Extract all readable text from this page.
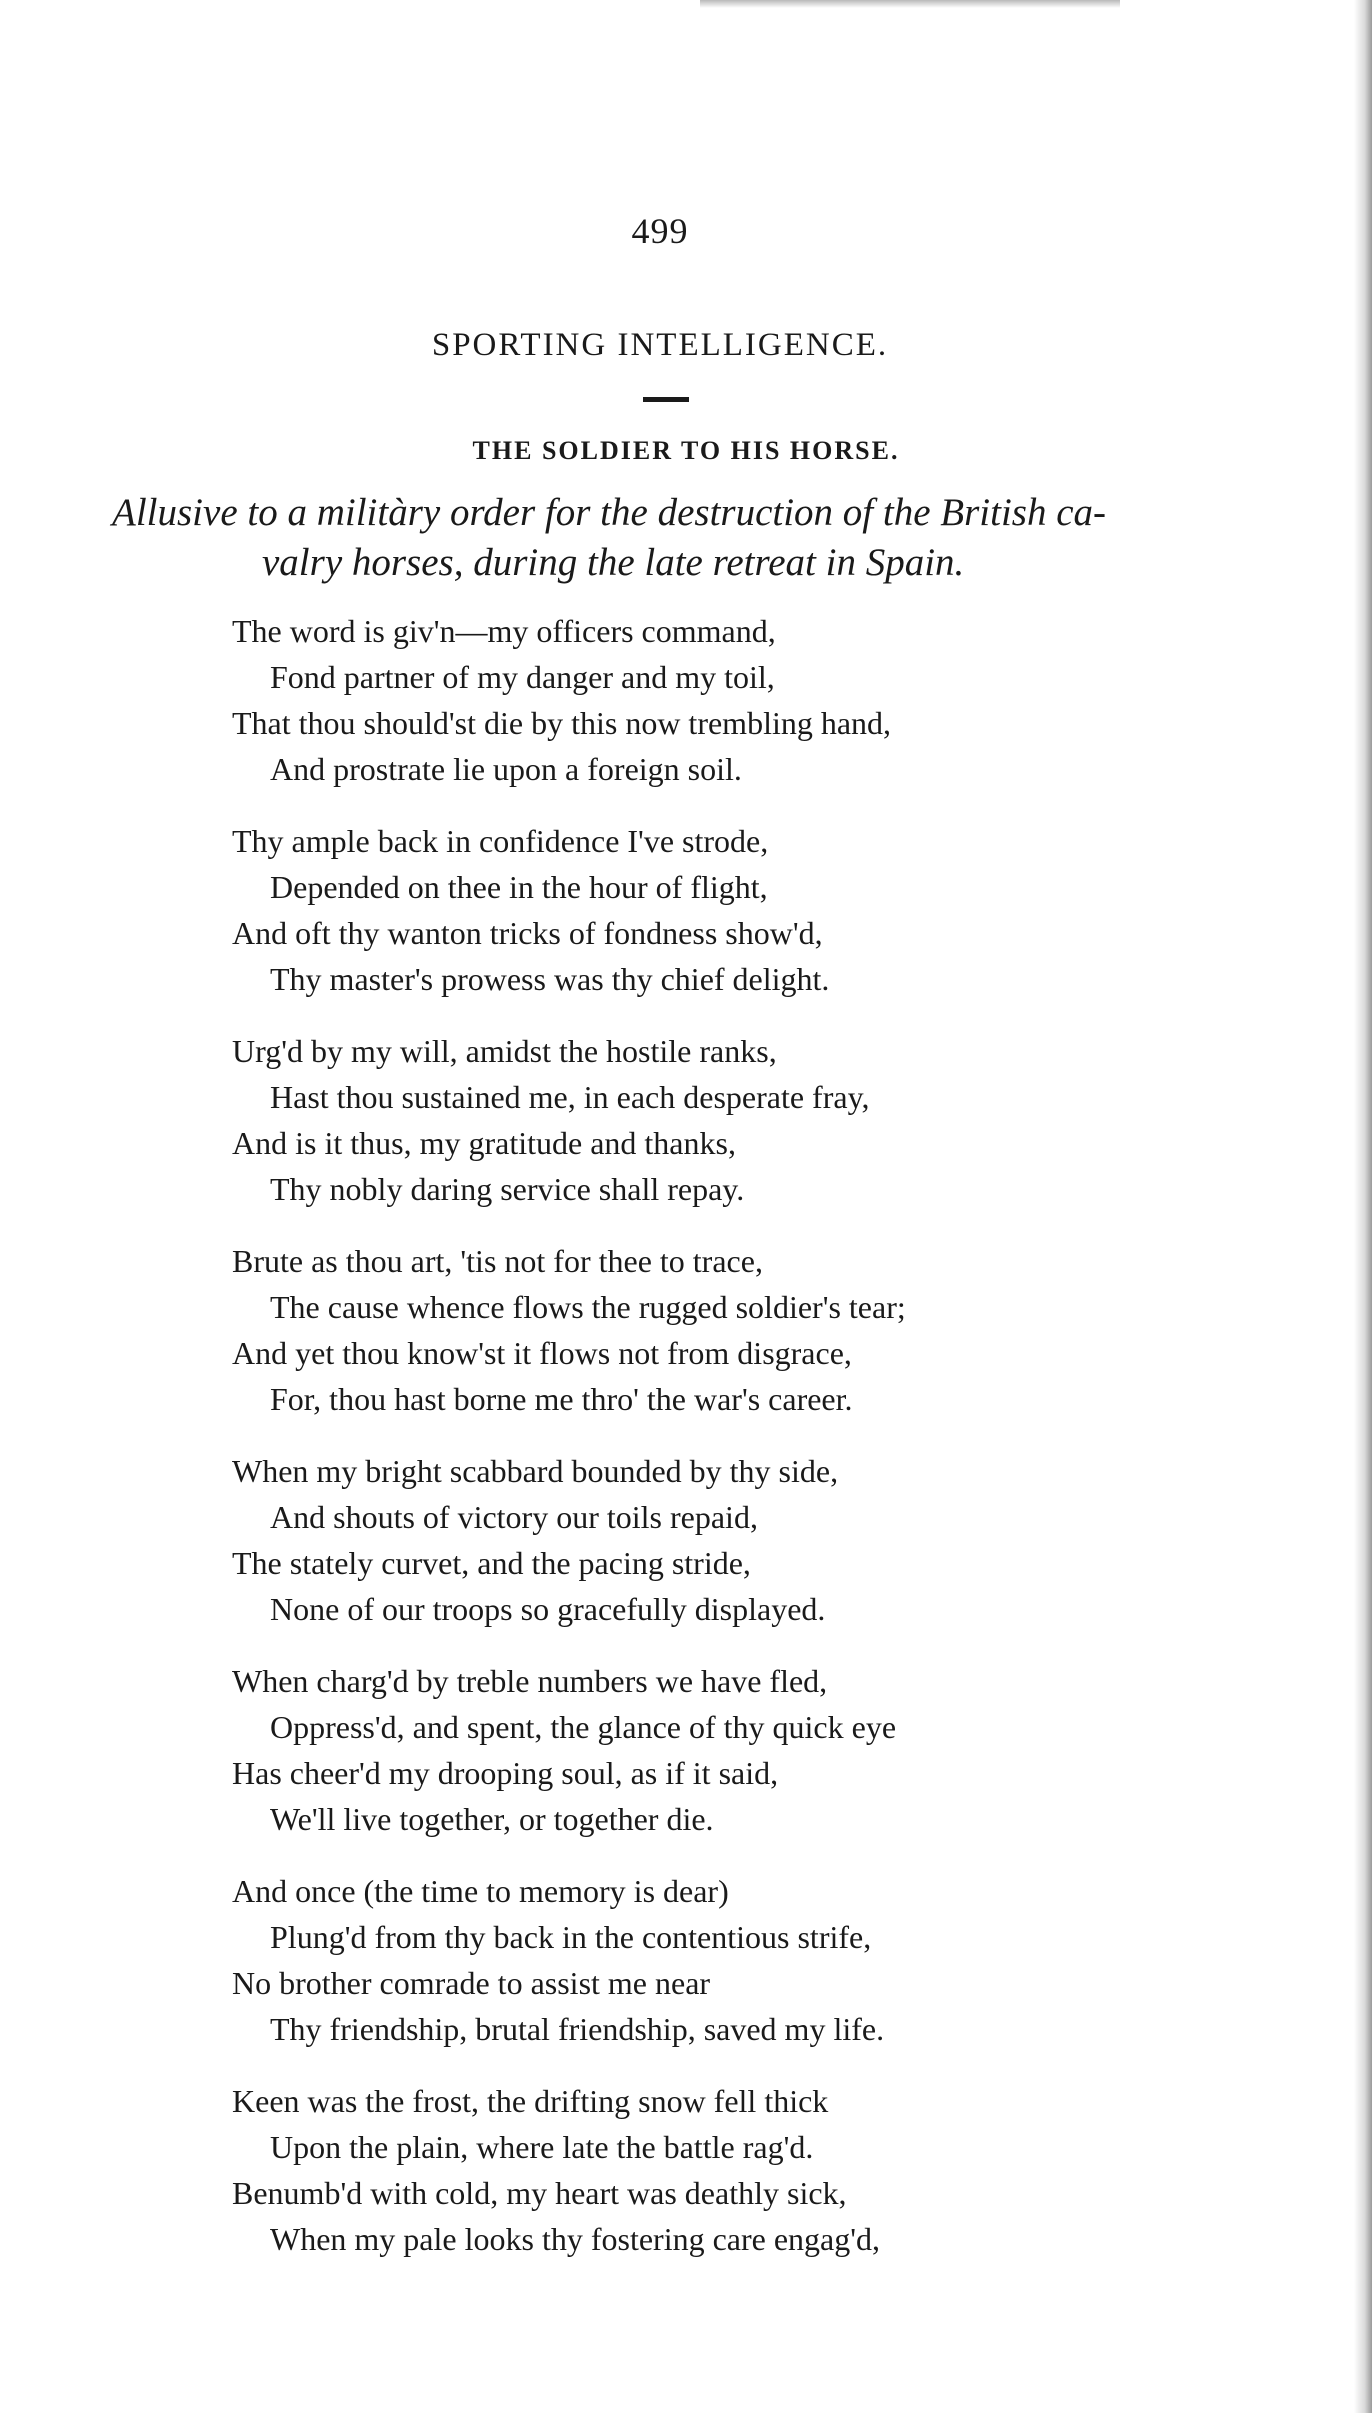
499
SPORTING INTELLIGENCE.
THE SOLDIER TO HIS HORSE.
Allusive to a militàry order for the destruction of the British ca-
valry horses, during the late retreat in Spain.
The word is giv'n—my officers command,
Fond partner of my danger and my toil,
That thou should'st die by this now trembling hand,
And prostrate lie upon a foreign soil.
Thy ample back in confidence I've strode,
Depended on thee in the hour of flight,
And oft thy wanton tricks of fondness show'd,
Thy master's prowess was thy chief delight.
Urg'd by my will, amidst the hostile ranks,
Hast thou sustained me, in each desperate fray,
And is it thus, my gratitude and thanks,
Thy nobly daring service shall repay.
Brute as thou art, 'tis not for thee to trace,
The cause whence flows the rugged soldier's tear;
And yet thou know'st it flows not from disgrace,
For, thou hast borne me thro' the war's career.
When my bright scabbard bounded by thy side,
And shouts of victory our toils repaid,
The stately curvet, and the pacing stride,
None of our troops so gracefully displayed.
When charg'd by treble numbers we have fled,
Oppress'd, and spent, the glance of thy quick eye
Has cheer'd my drooping soul, as if it said,
We'll live together, or together die.
And once (the time to memory is dear)
Plung'd from thy back in the contentious strife,
No brother comrade to assist me near
Thy friendship, brutal friendship, saved my life.
Keen was the frost, the drifting snow fell thick
Upon the plain, where late the battle rag'd.
Benumb'd with cold, my heart was deathly sick,
When my pale looks thy fostering care engag'd,
